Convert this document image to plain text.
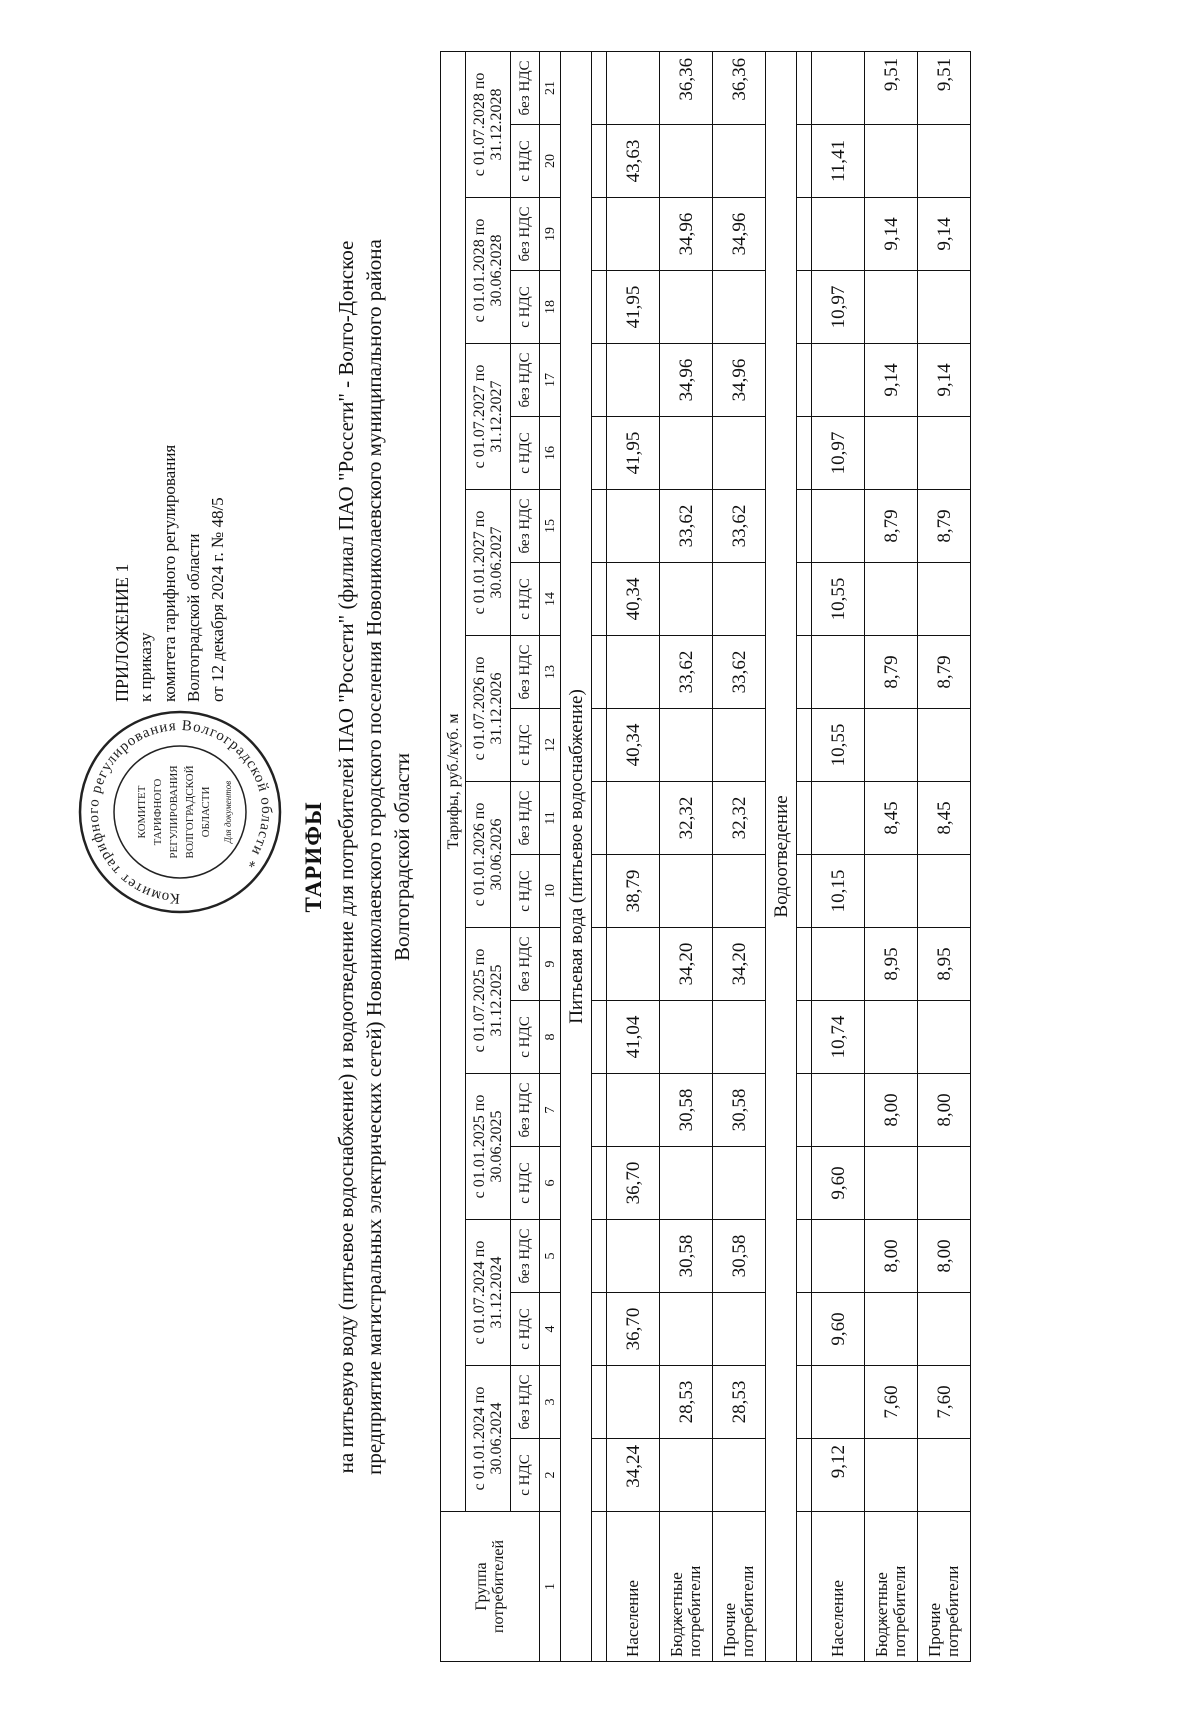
ПРИЛОЖЕНИЕ 1 к приказу комитета тарифного регулирования Волгоградской области от 12 декабря 2024 г. № 48/5
Комитет тарифного регулирования Волгоградской области *
КОМИТЕТ ТАРИФНОГО РЕГУЛИРОВАНИЯ ВОЛГОГРАДСКОЙ ОБЛАСТИ Для документов	ТАРИФЫ на питьевую воду (питьевое водоснабжение) и водоотведение для потребителей ПАО "Россети" (филиал ПАО "Россети" - Волго-Донское предприятие магистральных электрических сетей) Новониколаевского городского поселения Новониколаевского муниципального района Волгоградской области
Группа потребителей	Тарифы, руб./куб. м																			
	с 01.01.2024 по 30.06.2024		с 01.07.2024 по 31.12.2024		с 01.01.2025 по 30.06.2025		с 01.07.2025 по 31.12.2025		с 01.01.2026 по 30.06.2026		с 01.07.2026 по 31.12.2026		с 01.01.2027 по 30.06.2027		с 01.07.2027 по 31.12.2027		с 01.01.2028 по 30.06.2028		с 01.07.2028 по 31.12.2028	
	с НДС	без НДС	с НДС	без НДС	с НДС	без НДС	с НДС	без НДС	с НДС	без НДС	с НДС	без НДС	с НДС	без НДС	с НДС	без НДС	с НДС	без НДС	с НДС	без НДС
1	2	3	4	5	6	7	8	9	10	11	12	13	14	15	16	17	18	19	20	21
Питьевая вода (питьевое водоснабжение)																				

Население	34,24		36,70		36,70		41,04		38,79		40,34		40,34		41,95		41,95		43,63	
Бюджетные потребители		28,53		30,58		30,58		34,20		32,32		33,62		33,62		34,96		34,96		36,36
Прочие потребители		28,53		30,58		30,58		34,20		32,32		33,62		33,62		34,96		34,96		36,36
Водоотведение																				

Население	9,12		9,60		9,60		10,74		10,15		10,55		10,55		10,97		10,97		11,41	
Бюджетные потребители		7,60		8,00		8,00		8,95		8,45		8,79		8,79		9,14		9,14		9,51
Прочие потребители		7,60		8,00		8,00		8,95		8,45		8,79		8,79		9,14		9,14		9,51
